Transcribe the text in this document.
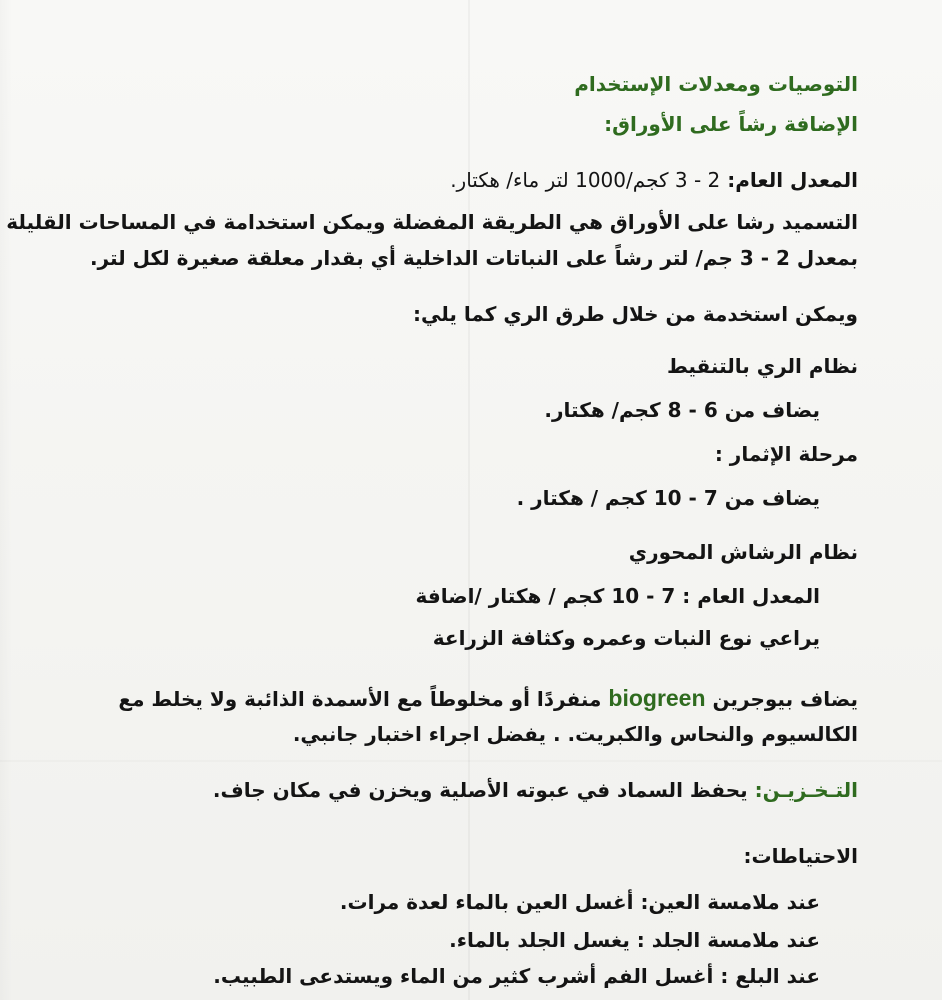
التوصيات ومعدلات الإستخدام
الإضافة رشاً على الأوراق:
المعدل العام: 2 - 3 كجم/1000 لتر ماء/ هكتار.
التسميد رشا على الأوراق هي الطريقة المفضلة ويمكن استخدامة في المساحات القليلة
بمعدل 2 - 3 جم/ لتر رشاً على النباتات الداخلية أي بقدار معلقة صغيرة لكل لتر.
ويمكن استخدمة من خلال طرق الري كما يلي:
نظام الري بالتنقيط
يضاف من 6 - 8 كجم/ هكتار.
مرحلة الإثمار :
يضاف من 7 - 10 كجم / هكتار .
نظام الرشاش المحوري
المعدل العام : 7 - 10 كجم / هكتار /اضافة
يراعي نوع النبات وعمره وكثافة الزراعة
يضاف بيوجرين biogreen منفردًا أو مخلوطاً مع الأسمدة الذائبة ولا يخلط مع
الكالسيوم والنحاس والكبريت. . يفضل اجراء اختبار جانبي.
التـخـزيـن: يحفظ السماد في عبوته الأصلية ويخزن في مكان جاف.
الاحتياطات:
عند ملامسة العين: أغسل العين بالماء لعدة مرات.
عند ملامسة الجلد : يغسل الجلد بالماء.
عند البلع : أغسل الفم أشرب كثير من الماء ويستدعى الطبيب.
